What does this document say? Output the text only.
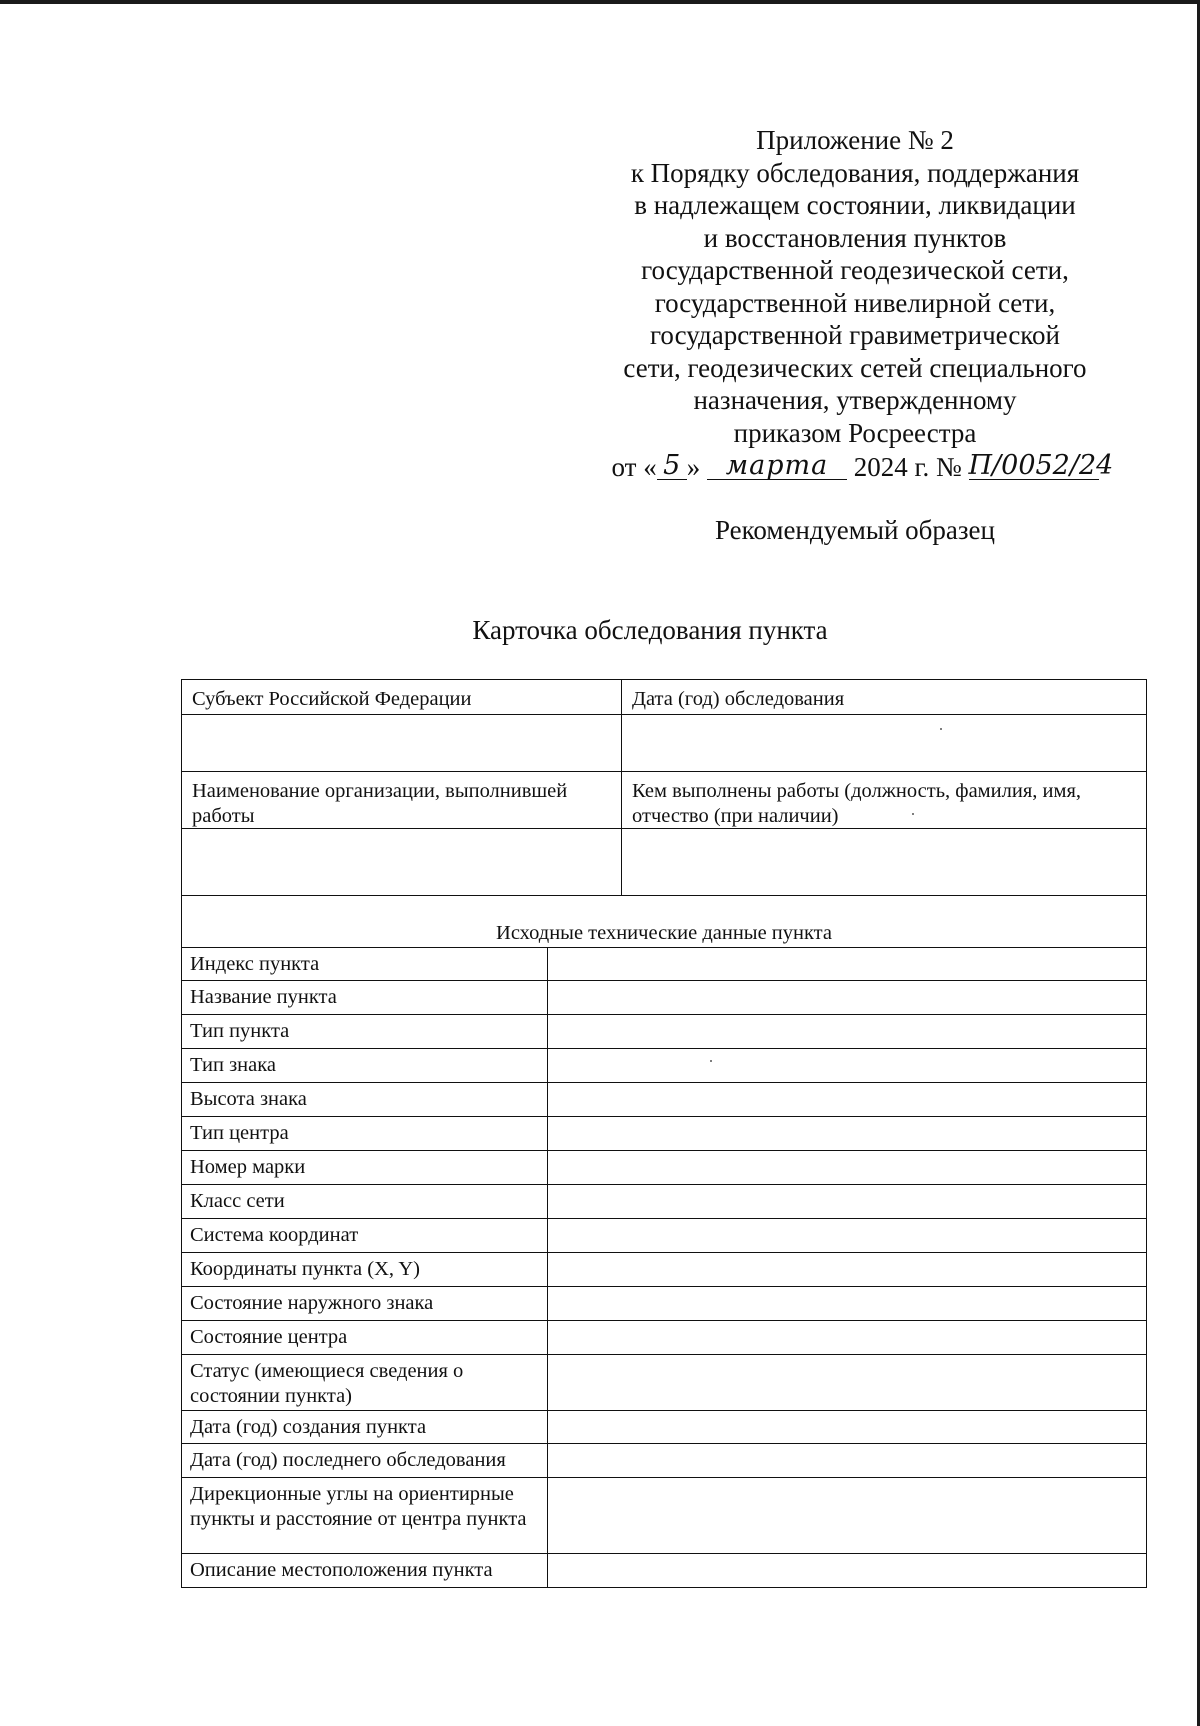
Приложение № 2
к Порядку обследования, поддержания
в надлежащем состоянии, ликвидации
и восстановления пунктов
государственной геодезической сети,
государственной нивелирной сети,
государственной гравиметрической
сети, геодезических сетей специального
назначения, утвержденному
приказом Росреестра
от « 5 » марта 2024 г. № П/0052/24
Рекомендуемый образец
Карточка обследования пункта
Субъект Российской Федерации	Дата (год) обследования
Наименование организации, выполнившей работы
Кем выполнены работы (должность, фамилия, имя, отчество (при наличии)
Исходные технические данные пункта
Индекс пункта
Название пункта
Тип пункта
Тип знака
Высота знака
Тип центра
Номер марки
Класс сети
Система координат
Координаты пункта (X, Y)
Состояние наружного знака
Состояние центра
Статус (имеющиеся сведения о состоянии пункта)
Дата (год) создания пункта
Дата (год) последнего обследования
Дирекционные углы на ориентирные пункты и расстояние от центра пункта
Описание местоположения пункта
